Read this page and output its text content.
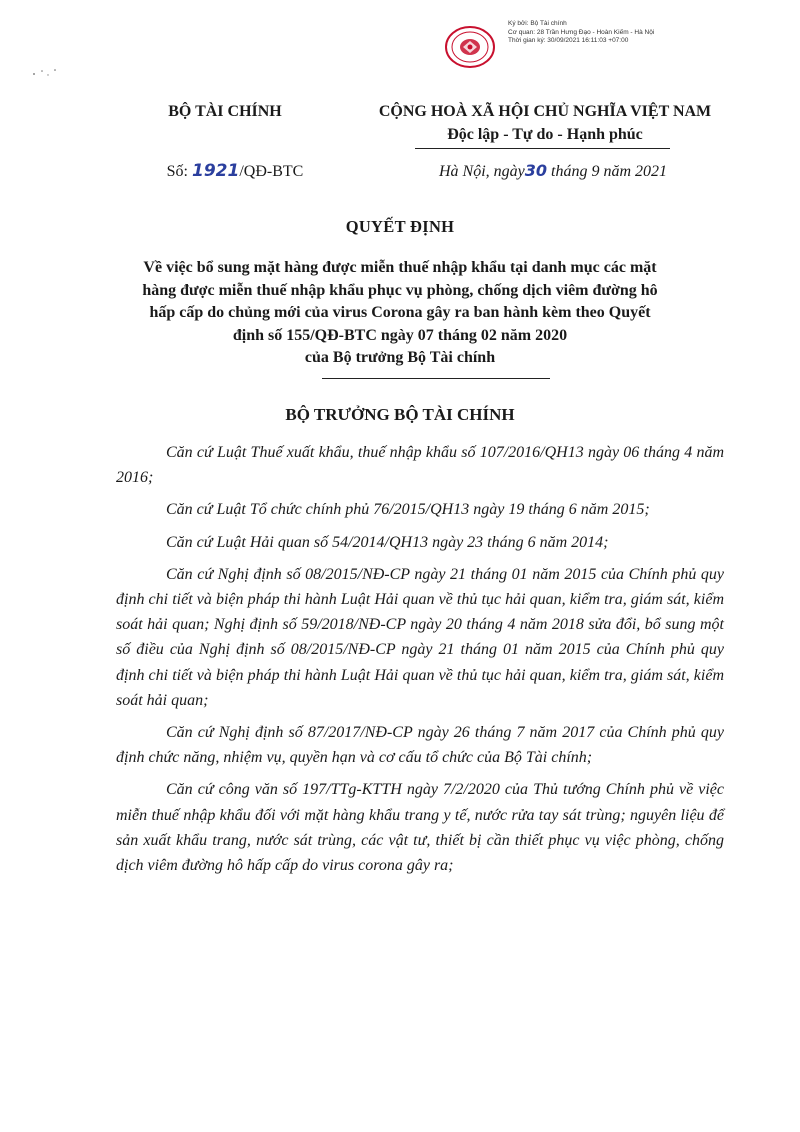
Ký bởi: Bộ Tài chính
Cơ quan: 28 Trần Hưng Đạo - Hoàn Kiếm - Hà Nội
Thời gian ký: 30/09/2021 16:11:03 +07:00
BỘ TÀI CHÍNH	CỘNG HOÀ XÃ HỘI CHỦ NGHĨA VIỆT NAM
Độc lập - Tự do - Hạnh phúc
Số: 1921/QĐ-BTC	Hà Nội, ngày30 tháng 9 năm 2021
QUYẾT ĐỊNH
Về việc bổ sung mặt hàng được miễn thuế nhập khẩu tại danh mục các mặt
hàng được miễn thuế nhập khẩu phục vụ phòng, chống dịch viêm đường hô
hấp cấp do chủng mới của virus Corona gây ra ban hành kèm theo Quyết
định số 155/QĐ-BTC ngày 07 tháng 02 năm 2020
của Bộ trưởng Bộ Tài chính
BỘ TRƯỞNG BỘ TÀI CHÍNH

Căn cứ Luật Thuế xuất khẩu, thuế nhập khẩu số 107/2016/QH13 ngày 06 tháng 4 năm 2016;

Căn cứ Luật Tổ chức chính phủ 76/2015/QH13 ngày 19 tháng 6 năm 2015;

Căn cứ Luật Hải quan số 54/2014/QH13 ngày 23 tháng 6 năm 2014;

Căn cứ Nghị định số 08/2015/NĐ-CP ngày 21 tháng 01 năm 2015 của Chính phủ quy định chi tiết và biện pháp thi hành Luật Hải quan về thủ tục hải quan, kiểm tra, giám sát, kiểm soát hải quan; Nghị định số 59/2018/NĐ-CP ngày 20 tháng 4 năm 2018 sửa đổi, bổ sung một số điều của Nghị định số 08/2015/NĐ-CP ngày 21 tháng 01 năm 2015 của Chính phủ quy định chi tiết và biện pháp thi hành Luật Hải quan về thủ tục hải quan, kiểm tra, giám sát, kiểm soát hải quan;

Căn cứ Nghị định số 87/2017/NĐ-CP ngày 26 tháng 7 năm 2017 của Chính phủ quy định chức năng, nhiệm vụ, quyền hạn và cơ cấu tổ chức của Bộ Tài chính;

Căn cứ công văn số 197/TTg-KTTH ngày 7/2/2020 của Thủ tướng Chính phủ về việc miễn thuế nhập khẩu đối với mặt hàng khẩu trang y tế, nước rửa tay sát trùng; nguyên liệu để sản xuất khẩu trang, nước sát trùng, các vật tư, thiết bị cần thiết phục vụ việc phòng, chống dịch viêm đường hô hấp cấp do virus corona gây ra;
